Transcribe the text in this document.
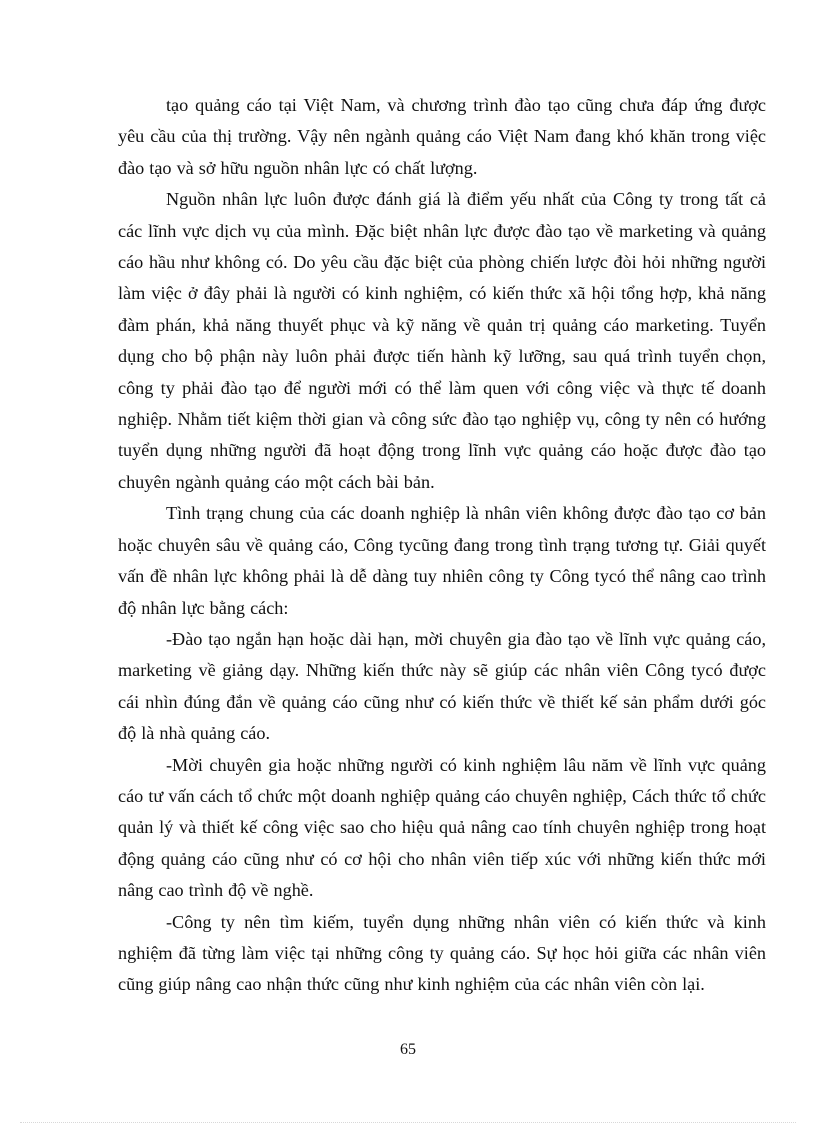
tạo quảng cáo tại Việt Nam, và chương trình đào tạo cũng chưa đáp ứng được yêu cầu của thị trường. Vậy nên ngành quảng cáo Việt Nam đang khó khăn trong việc đào tạo và sở hữu nguồn nhân lực có chất lượng.

Nguồn nhân lực luôn được đánh giá là điểm yếu nhất của Công ty trong tất cả các lĩnh vực dịch vụ của mình. Đặc biệt nhân lực được đào tạo về marketing và quảng cáo hầu như không có. Do yêu cầu đặc biệt của phòng chiến lược đòi hỏi những người làm việc ở đây phải là người có kinh nghiệm, có kiến thức xã hội tổng hợp, khả năng đàm phán, khả năng thuyết phục và kỹ năng về quản trị quảng cáo marketing. Tuyển dụng cho bộ phận này luôn phải được tiến hành kỹ lưỡng, sau quá trình tuyển chọn, công ty phải đào tạo để người mới có thể làm quen với công việc và thực tế doanh nghiệp. Nhằm tiết kiệm thời gian và công sức đào tạo nghiệp vụ, công ty nên có hướng tuyển dụng những người đã hoạt động trong lĩnh vực quảng cáo hoặc được đào tạo chuyên ngành quảng cáo một cách bài bản.

Tình trạng chung của các doanh nghiệp là nhân viên không được đào tạo cơ bản hoặc chuyên sâu về quảng cáo, Công tycũng đang trong tình trạng tương tự. Giải quyết vấn đề nhân lực không phải là dễ dàng tuy nhiên công ty Công tycó thể nâng cao trình độ nhân lực bằng cách:

-Đào tạo ngắn hạn hoặc dài hạn, mời chuyên gia đào tạo về lĩnh vực quảng cáo, marketing về giảng dạy. Những kiến thức này sẽ giúp các nhân viên Công tycó được cái nhìn đúng đắn về quảng cáo cũng như có kiến thức về thiết kế sản phẩm dưới góc độ là nhà quảng cáo.

-Mời chuyên gia hoặc những người có kinh nghiệm lâu năm về lĩnh vực quảng cáo tư vấn cách tổ chức một doanh nghiệp quảng cáo chuyên nghiệp, Cách thức tổ chức quản lý và thiết kế công việc sao cho hiệu quả nâng cao tính chuyên nghiệp trong hoạt động quảng cáo cũng như có cơ hội cho nhân viên tiếp xúc với những kiến thức mới nâng cao trình độ về nghề.

-Công ty nên tìm kiếm, tuyển dụng những nhân viên có kiến thức và kinh nghiệm đã từng làm việc tại những công ty quảng cáo. Sự học hỏi giữa các nhân viên cũng giúp nâng cao nhận thức cũng như kinh nghiệm của các nhân viên còn lại.

65
